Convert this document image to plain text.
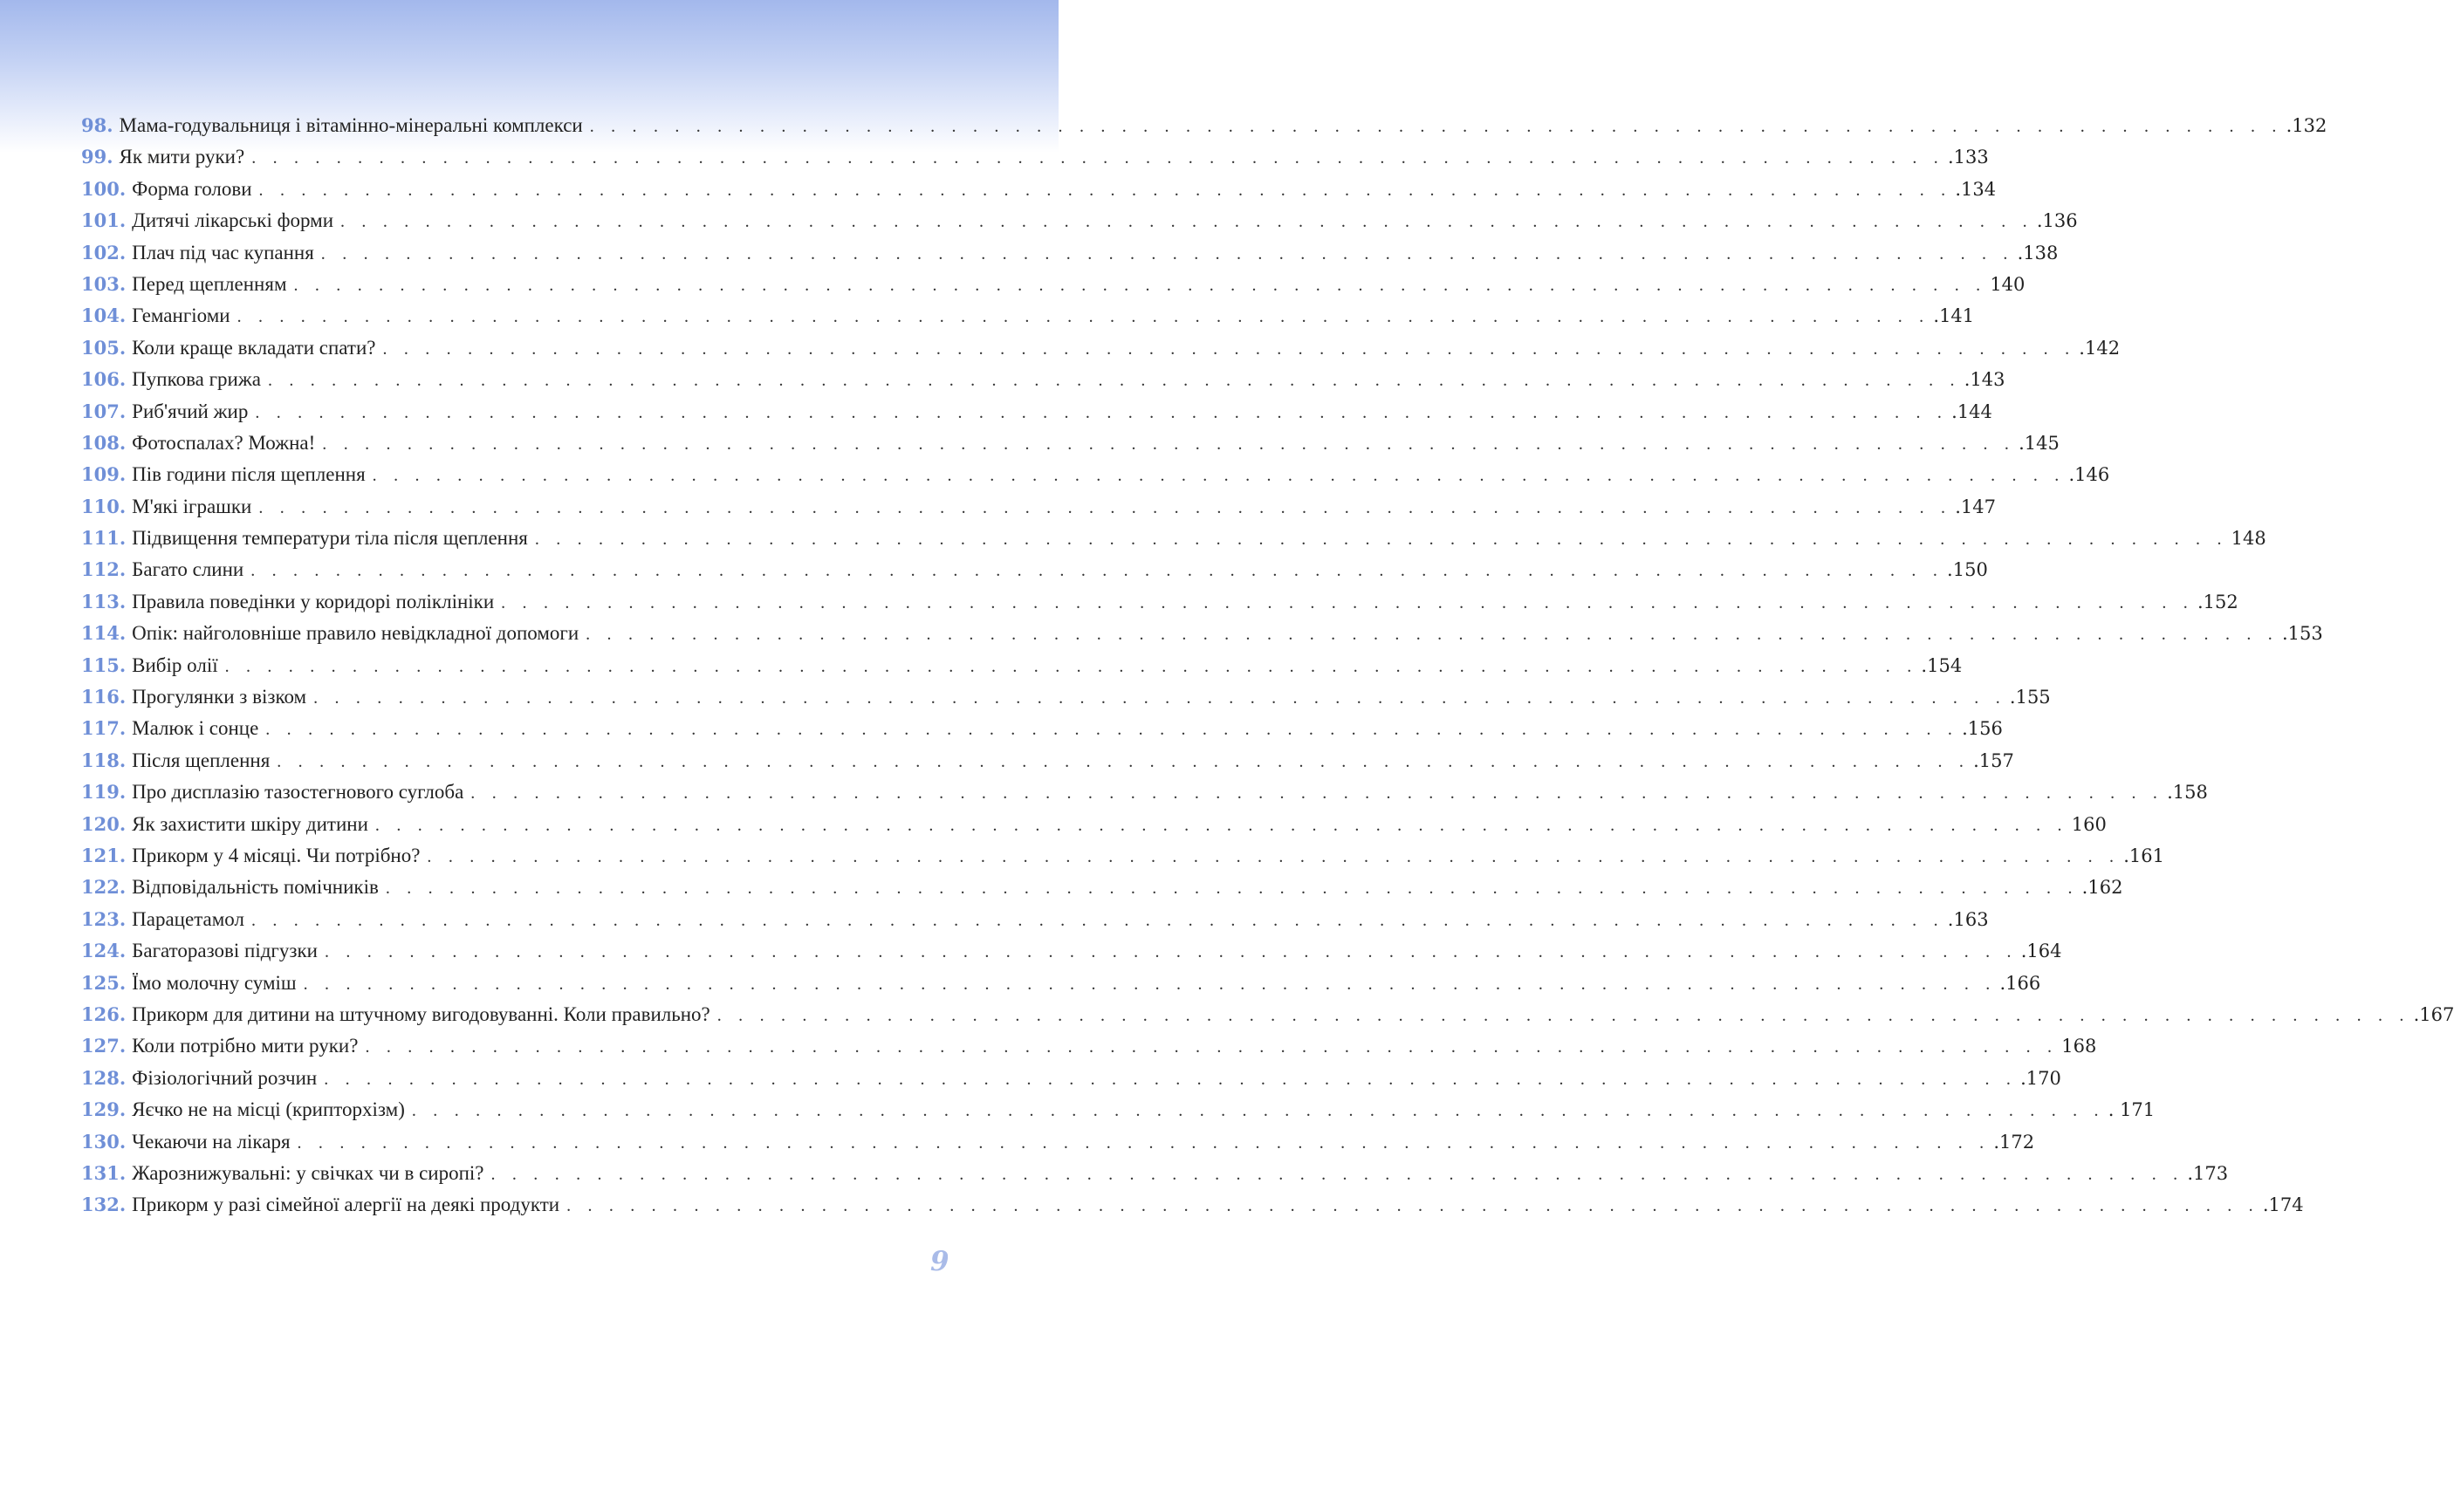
98. Мама-годувальниця і вітамінно-мінеральні комплекси . . . . . . . . . . . . . . . . . . . . . . . . . . . . . . . . . . . . . . . . . . . . . . . . . . . . . . . . . . . . . . . . . . . . . . . . . . . . . . . . .132
99. Як мити руки? . . . . . . . . . . . . . . . . . . . . . . . . . . . . . . . . . . . . . . . . . . . . . . . . . . . . . . . . . . . . . . . . . . . . . . . . . . . . . . . . .133
100. Форма голови . . . . . . . . . . . . . . . . . . . . . . . . . . . . . . . . . . . . . . . . . . . . . . . . . . . . . . . . . . . . . . . . . . . . . . . . . . . . . . . . .134
101. Дитячі лікарські форми . . . . . . . . . . . . . . . . . . . . . . . . . . . . . . . . . . . . . . . . . . . . . . . . . . . . . . . . . . . . . . . . . . . . . . . . . . . . . . . . .136
102. Плач під час купання . . . . . . . . . . . . . . . . . . . . . . . . . . . . . . . . . . . . . . . . . . . . . . . . . . . . . . . . . . . . . . . . . . . . . . . . . . . . . . . . .138
103. Перед щепленням . . . . . . . . . . . . . . . . . . . . . . . . . . . . . . . . . . . . . . . . . . . . . . . . . . . . . . . . . . . . . . . . . . . . . . . . . . . . . . . . 140
104. Гемангіоми . . . . . . . . . . . . . . . . . . . . . . . . . . . . . . . . . . . . . . . . . . . . . . . . . . . . . . . . . . . . . . . . . . . . . . . . . . . . . . . . .141
105. Коли краще вкладати спати? . . . . . . . . . . . . . . . . . . . . . . . . . . . . . . . . . . . . . . . . . . . . . . . . . . . . . . . . . . . . . . . . . . . . . . . . . . . . . . . . .142
106. Пупкова грижа . . . . . . . . . . . . . . . . . . . . . . . . . . . . . . . . . . . . . . . . . . . . . . . . . . . . . . . . . . . . . . . . . . . . . . . . . . . . . . . . .143
107. Риб'ячий жир . . . . . . . . . . . . . . . . . . . . . . . . . . . . . . . . . . . . . . . . . . . . . . . . . . . . . . . . . . . . . . . . . . . . . . . . . . . . . . . . .144
108. Фотоспалах? Можна! . . . . . . . . . . . . . . . . . . . . . . . . . . . . . . . . . . . . . . . . . . . . . . . . . . . . . . . . . . . . . . . . . . . . . . . . . . . . . . . . .145
109. Пів години після щеплення . . . . . . . . . . . . . . . . . . . . . . . . . . . . . . . . . . . . . . . . . . . . . . . . . . . . . . . . . . . . . . . . . . . . . . . . . . . . . . . . .146
110. М'які іграшки . . . . . . . . . . . . . . . . . . . . . . . . . . . . . . . . . . . . . . . . . . . . . . . . . . . . . . . . . . . . . . . . . . . . . . . . . . . . . . . . .147
111. Підвищення температури тіла після щеплення . . . . . . . . . . . . . . . . . . . . . . . . . . . . . . . . . . . . . . . . . . . . . . . . . . . . . . . . . . . . . . . . . . . . . . . . . . . . . . . . 148
112. Багато слини . . . . . . . . . . . . . . . . . . . . . . . . . . . . . . . . . . . . . . . . . . . . . . . . . . . . . . . . . . . . . . . . . . . . . . . . . . . . . . . . .150
113. Правила поведінки у коридорі поліклініки . . . . . . . . . . . . . . . . . . . . . . . . . . . . . . . . . . . . . . . . . . . . . . . . . . . . . . . . . . . . . . . . . . . . . . . . . . . . . . . . .152
114. Опік: найголовніше правило невідкладної допомоги . . . . . . . . . . . . . . . . . . . . . . . . . . . . . . . . . . . . . . . . . . . . . . . . . . . . . . . . . . . . . . . . . . . . . . . . . . . . . . . . .153
115. Вибір олії . . . . . . . . . . . . . . . . . . . . . . . . . . . . . . . . . . . . . . . . . . . . . . . . . . . . . . . . . . . . . . . . . . . . . . . . . . . . . . . . .154
116. Прогулянки з візком . . . . . . . . . . . . . . . . . . . . . . . . . . . . . . . . . . . . . . . . . . . . . . . . . . . . . . . . . . . . . . . . . . . . . . . . . . . . . . . . .155
117. Малюк і сонце . . . . . . . . . . . . . . . . . . . . . . . . . . . . . . . . . . . . . . . . . . . . . . . . . . . . . . . . . . . . . . . . . . . . . . . . . . . . . . . . .156
118. Після щеплення . . . . . . . . . . . . . . . . . . . . . . . . . . . . . . . . . . . . . . . . . . . . . . . . . . . . . . . . . . . . . . . . . . . . . . . . . . . . . . . . .157
119. Про дисплазію тазостегнового суглоба . . . . . . . . . . . . . . . . . . . . . . . . . . . . . . . . . . . . . . . . . . . . . . . . . . . . . . . . . . . . . . . . . . . . . . . . . . . . . . . . .158
120. Як захистити шкіру дитини . . . . . . . . . . . . . . . . . . . . . . . . . . . . . . . . . . . . . . . . . . . . . . . . . . . . . . . . . . . . . . . . . . . . . . . . . . . . . . . . 160
121. Прикорм у 4 місяці. Чи потрібно? . . . . . . . . . . . . . . . . . . . . . . . . . . . . . . . . . . . . . . . . . . . . . . . . . . . . . . . . . . . . . . . . . . . . . . . . . . . . . . . . .161
122. Відповідальність помічників . . . . . . . . . . . . . . . . . . . . . . . . . . . . . . . . . . . . . . . . . . . . . . . . . . . . . . . . . . . . . . . . . . . . . . . . . . . . . . . . .162
123. Парацетамол . . . . . . . . . . . . . . . . . . . . . . . . . . . . . . . . . . . . . . . . . . . . . . . . . . . . . . . . . . . . . . . . . . . . . . . . . . . . . . . . .163
124. Багаторазові підгузки . . . . . . . . . . . . . . . . . . . . . . . . . . . . . . . . . . . . . . . . . . . . . . . . . . . . . . . . . . . . . . . . . . . . . . . . . . . . . . . . .164
125. Їмо молочну суміш . . . . . . . . . . . . . . . . . . . . . . . . . . . . . . . . . . . . . . . . . . . . . . . . . . . . . . . . . . . . . . . . . . . . . . . . . . . . . . . . .166
126. Прикорм для дитини на штучному вигодовуванні. Коли правильно? . . . . . . . . . . . . . . . . . . . . . . . . . . . . . . . . . . . . . . . . . . . . . . . . . . . . . . . . . . . . . . . . . . . . . . . . . . . . . . . . .167
127. Коли потрібно мити руки? . . . . . . . . . . . . . . . . . . . . . . . . . . . . . . . . . . . . . . . . . . . . . . . . . . . . . . . . . . . . . . . . . . . . . . . . . . . . . . . . 168
128. Фізіологічний розчин . . . . . . . . . . . . . . . . . . . . . . . . . . . . . . . . . . . . . . . . . . . . . . . . . . . . . . . . . . . . . . . . . . . . . . . . . . . . . . . . .170
129. Яєчко не на місці (крипторхізм) . . . . . . . . . . . . . . . . . . . . . . . . . . . . . . . . . . . . . . . . . . . . . . . . . . . . . . . . . . . . . . . . . . . . . . . . . . . . . . . . . 171
130. Чекаючи на лікаря . . . . . . . . . . . . . . . . . . . . . . . . . . . . . . . . . . . . . . . . . . . . . . . . . . . . . . . . . . . . . . . . . . . . . . . . . . . . . . . . .172
131. Жарознижувальні: у свічках чи в сиропі? . . . . . . . . . . . . . . . . . . . . . . . . . . . . . . . . . . . . . . . . . . . . . . . . . . . . . . . . . . . . . . . . . . . . . . . . . . . . . . . . .173
132. Прикорм у разі сімейної алергії на деякі продукти . . . . . . . . . . . . . . . . . . . . . . . . . . . . . . . . . . . . . . . . . . . . . . . . . . . . . . . . . . . . . . . . . . . . . . . . . . . . . . . . .174
9
